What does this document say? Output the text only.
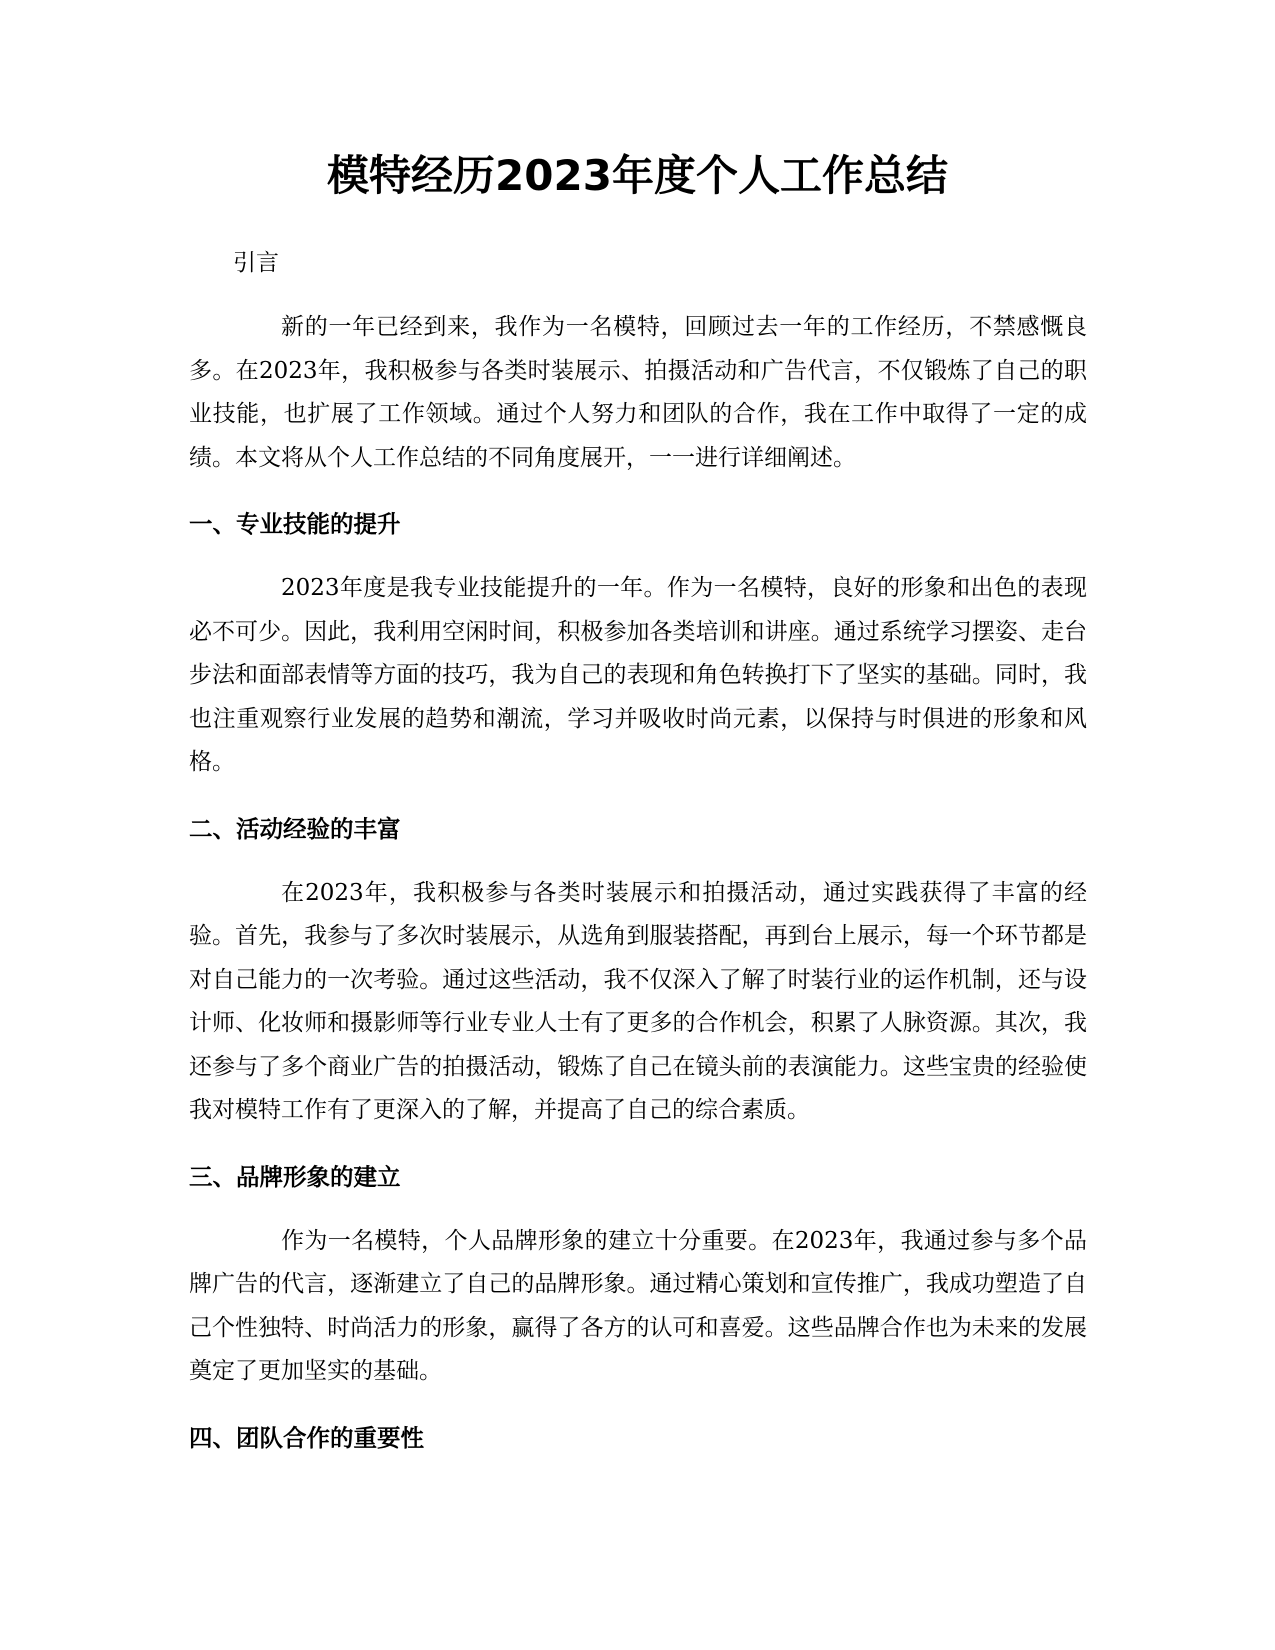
模特经历2023年度个人工作总结

引言

新的一年已经到来，我作为一名模特，回顾过去一年的工作经历，不禁感慨良多。在2023年，我积极参与各类时装展示、拍摄活动和广告代言，不仅锻炼了自己的职业技能，也扩展了工作领域。通过个人努力和团队的合作，我在工作中取得了一定的成绩。本文将从个人工作总结的不同角度展开，一一进行详细阐述。

一、专业技能的提升

2023年度是我专业技能提升的一年。作为一名模特，良好的形象和出色的表现必不可少。因此，我利用空闲时间，积极参加各类培训和讲座。通过系统学习摆姿、走台步法和面部表情等方面的技巧，我为自己的表现和角色转换打下了坚实的基础。同时，我也注重观察行业发展的趋势和潮流，学习并吸收时尚元素，以保持与时俱进的形象和风格。

二、活动经验的丰富

在2023年，我积极参与各类时装展示和拍摄活动，通过实践获得了丰富的经验。首先，我参与了多次时装展示，从选角到服装搭配，再到台上展示，每一个环节都是对自己能力的一次考验。通过这些活动，我不仅深入了解了时装行业的运作机制，还与设计师、化妆师和摄影师等行业专业人士有了更多的合作机会，积累了人脉资源。其次，我还参与了多个商业广告的拍摄活动，锻炼了自己在镜头前的表演能力。这些宝贵的经验使我对模特工作有了更深入的了解，并提高了自己的综合素质。

三、品牌形象的建立

作为一名模特，个人品牌形象的建立十分重要。在2023年，我通过参与多个品牌广告的代言，逐渐建立了自己的品牌形象。通过精心策划和宣传推广，我成功塑造了自己个性独特、时尚活力的形象，赢得了各方的认可和喜爱。这些品牌合作也为未来的发展奠定了更加坚实的基础。

四、团队合作的重要性
